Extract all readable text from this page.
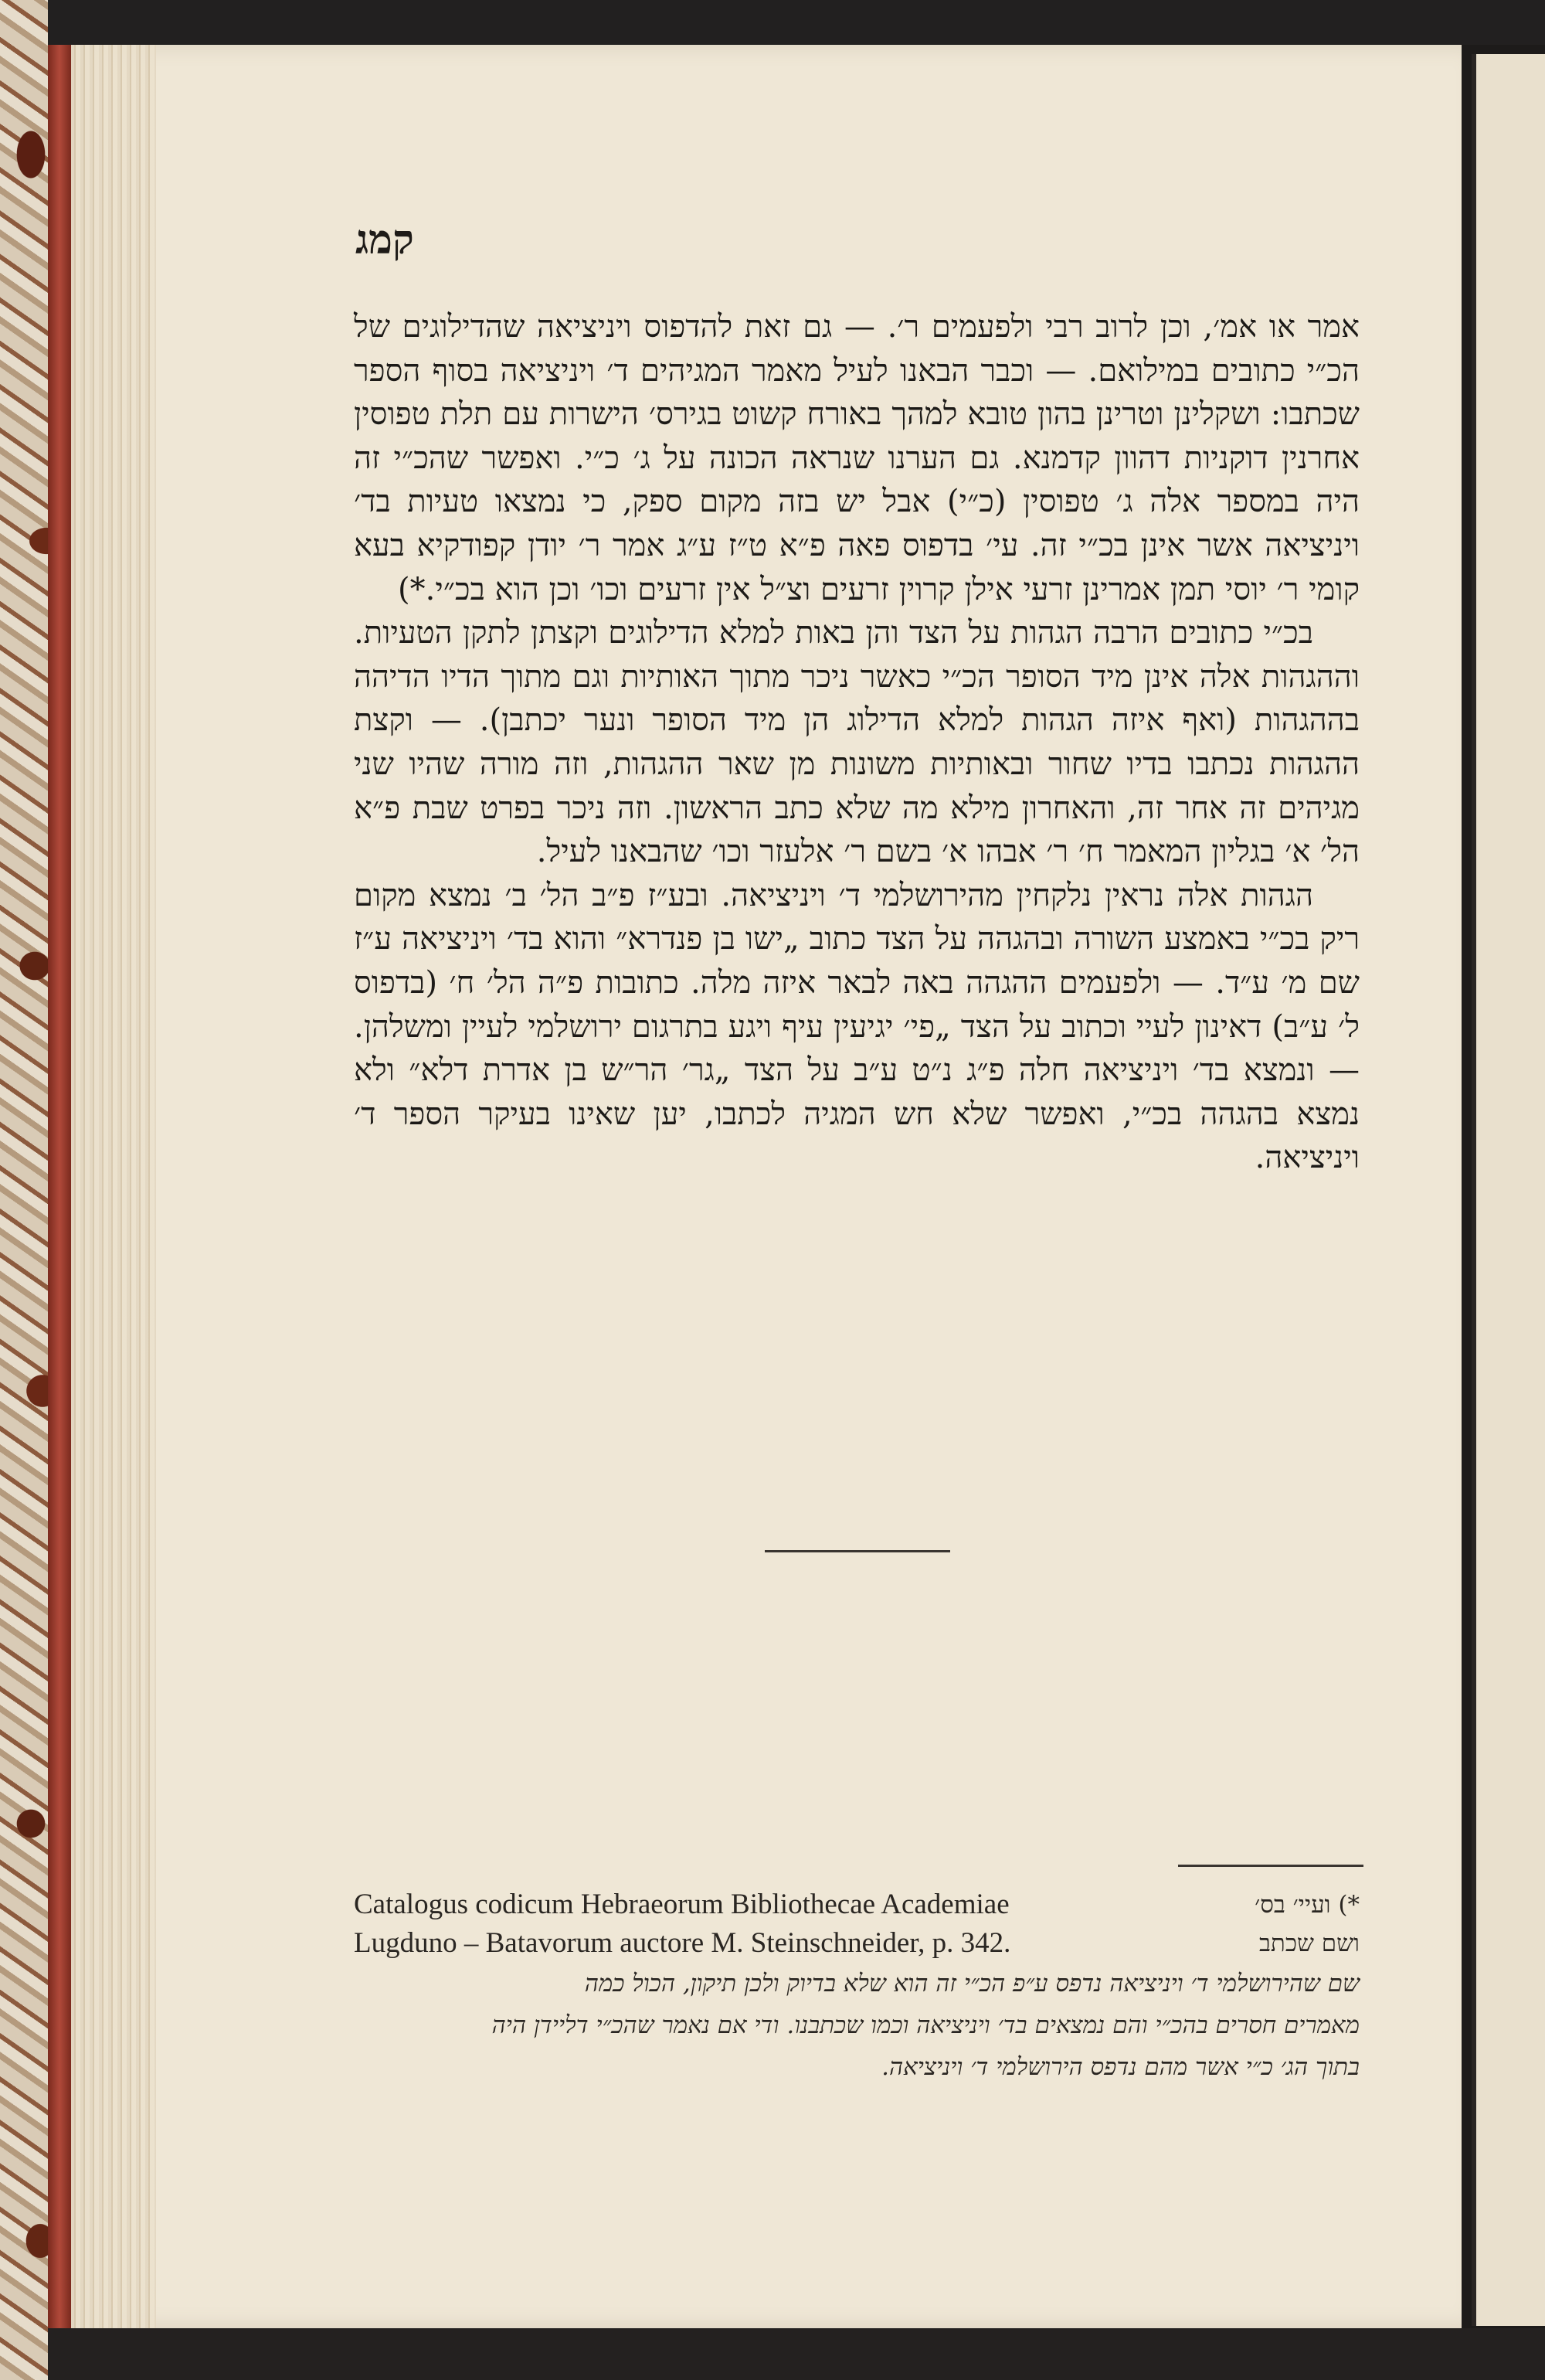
קמג

אמר או אמ׳, וכן לרוב רבי ולפעמים ר׳. — גם זאת להדפוס ויניציאה שהדילוגים של הכ״י כתובים במילואם. — וכבר הבאנו לעיל מאמר המגיהים ד׳ ויניציאה בסוף הספר שכתבו: ושקלינן וטרינן בהון טובא למהך באורח קשוט בגירס׳ הישרות עם תלת טפוסין אחרנין דוקניות דהוון קדמנא. גם הערנו שנראה הכונה על ג׳ כ״י. ואפשר שהכ״י זה היה במספר אלה ג׳ טפוסין (כ״י) אבל יש בזה מקום ספק, כי נמצאו טעיות בד׳ ויניציאה אשר אינן בכ״י זה. עי׳ בדפוס פאה פ״א ט״ז ע״ג אמר ר׳ יודן קפודקיא בעא קומי ר׳ יוסי תמן אמרינן זרעי אילן קרוין זרעים וצ״ל אין זרעים וכו׳ וכן הוא בכ״י.*)

בכ״י כתובים הרבה הגהות על הצד והן באות למלא הדילוגים וקצתן לתקן הטעיות. וההגהות אלה אינן מיד הסופר הכ״י כאשר ניכר מתוך האותיות וגם מתוך הדיו הדיהה בההגהות (ואף איזה הגהות למלא הדילוג הן מיד הסופר ונער יכתבן). — וקצת ההגהות נכתבו בדיו שחור ובאותיות משונות מן שאר ההגהות, וזה מורה שהיו שני מגיהים זה אחר זה, והאחרון מילא מה שלא כתב הראשון. וזה ניכר בפרט שבת פ״א הל׳ א׳ בגליון המאמר ח׳ ר׳ אבהו א׳ בשם ר׳ אלעזר וכו׳ שהבאנו לעיל.

הגהות אלה נראין נלקחין מהירושלמי ד׳ ויניציאה. ובע״ז פ״ב הל׳ ב׳ נמצא מקום ריק בכ״י באמצע השורה ובהגהה על הצד כתוב „ישו בן פנדרא״ והוא בד׳ ויניציאה ע״ז שם מ׳ ע״ד. — ולפעמים ההגהה באה לבאר איזה מלה. כתובות פ״ה הל׳ ח׳ (בדפוס ל׳ ע״ב) דאינון לעיי וכתוב על הצד „פי׳ יגיעין עיף ויגע בתרגום ירושלמי לעיין ומשלהן. — ונמצא בד׳ ויניציאה חלה פ״ג נ״ט ע״ב על הצד „גר׳ הר״ש בן אדרת דלא״ ולא נמצא בהגהה בכ״י, ואפשר שלא חש המגיה לכתבו, יען שאינו בעיקר הספר ד׳ ויניציאה.

Catalogus codicum Hebraeorum Bibliothecae Academiae	*) ועיי׳ בס׳
Lugduno – Batavorum auctore M. Steinschneider, p. 342.	ושם שכתב
שם שהירושלמי ד׳ ויניציאה נדפס ע״פ הכ״י זה הוא שלא בדיוק ולכן תיקון, הכול כמה
מאמרים חסרים בהכ״י והם נמצאים בד׳ ויניציאה וכמו שכתבנו. ודי אם נאמר שהכ״י דליידן היה
בתוך הג׳ כ״י אשר מהם נדפס הירושלמי ד׳ ויניציאה.
